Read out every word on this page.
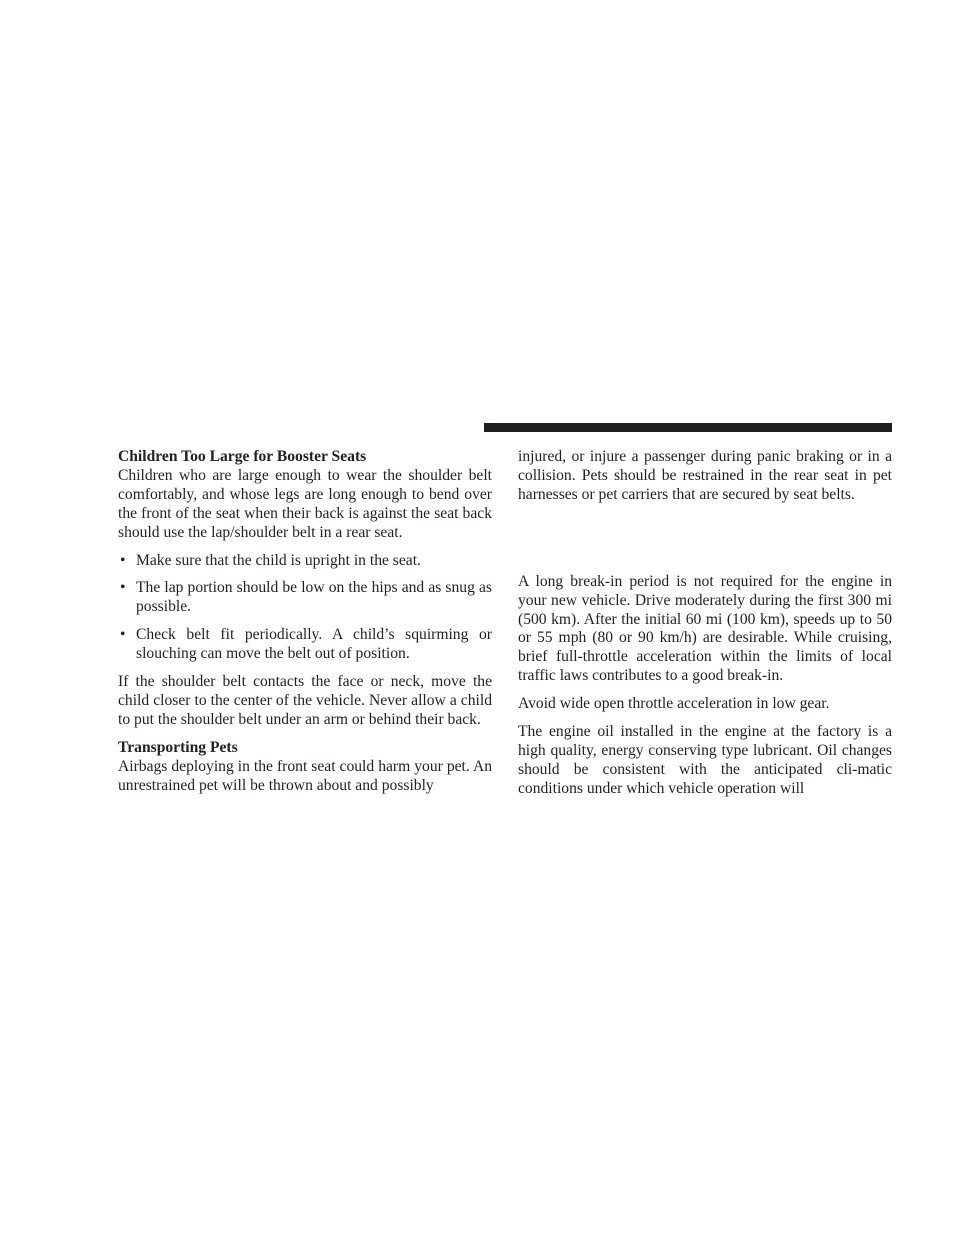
Children Too Large for Booster Seats

Children who are large enough to wear the shoulder belt comfortably, and whose legs are long enough to bend over the front of the seat when their back is against the seat back should use the lap/shoulder belt in a rear seat.

• Make sure that the child is upright in the seat.
• The lap portion should be low on the hips and as snug as possible.
• Check belt fit periodically. A child’s squirming or slouching can move the belt out of position.

If the shoulder belt contacts the face or neck, move the child closer to the center of the vehicle. Never allow a child to put the shoulder belt under an arm or behind their back.

Transporting Pets

Airbags deploying in the front seat could harm your pet. An unrestrained pet will be thrown about and possibly

injured, or injure a passenger during panic braking or in a collision. Pets should be restrained in the rear seat in pet harnesses or pet carriers that are secured by seat belts.

A long break-in period is not required for the engine in your new vehicle. Drive moderately during the first 300 mi (500 km). After the initial 60 mi (100 km), speeds up to 50 or 55 mph (80 or 90 km/h) are desirable. While cruising, brief full-throttle acceleration within the limits of local traffic laws contributes to a good break-in.

Avoid wide open throttle acceleration in low gear.

The engine oil installed in the engine at the factory is a high quality, energy conserving type lubricant. Oil changes should be consistent with the anticipated cli-matic conditions under which vehicle operation will
